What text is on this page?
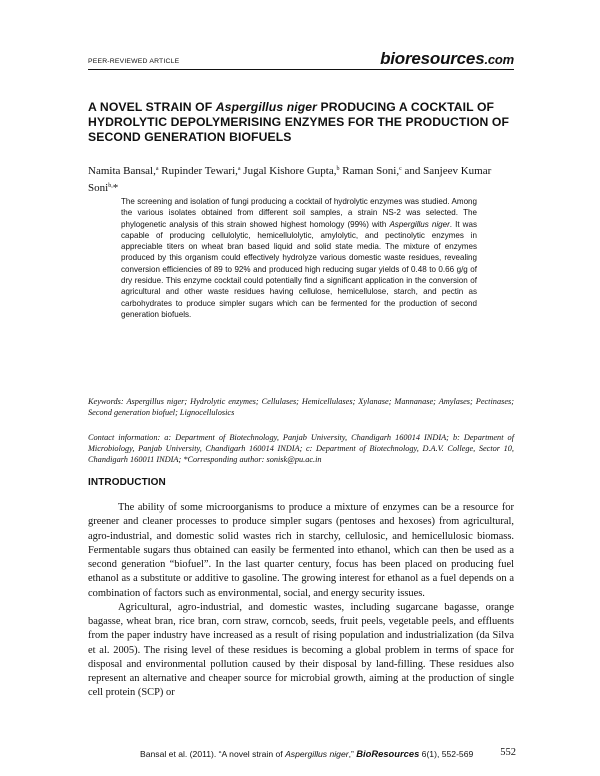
PEER-REVIEWED ARTICLE	bioresources.com
A NOVEL STRAIN OF Aspergillus niger PRODUCING A COCKTAIL OF HYDROLYTIC DEPOLYMERISING ENZYMES FOR THE PRODUCTION OF SECOND GENERATION BIOFUELS
Namita Bansal,$^a$ Rupinder Tewari,$^a$ Jugal Kishore Gupta,$^b$ Raman Soni,$^c$ and Sanjeev Kumar Soni$^{b,}$*
The screening and isolation of fungi producing a cocktail of hydrolytic enzymes was studied. Among the various isolates obtained from different soil samples, a strain NS-2 was selected. The phylogenetic analysis of this strain showed highest homology (99%) with Aspergillus niger. It was capable of producing cellulolytic, hemicellulolytic, amylolytic, and pectinolytic enzymes in appreciable titers on wheat bran based liquid and solid state media. The mixture of enzymes produced by this organism could effectively hydrolyze various domestic waste residues, revealing conversion efficiencies of 89 to 92% and produced high reducing sugar yields of 0.48 to 0.66 g/g of dry residue. This enzyme cocktail could potentially find a significant application in the conversion of agricultural and other waste residues having cellulose, hemicellulose, starch, and pectin as carbohydrates to produce simpler sugars which can be fermented for the production of second generation biofuels.
Keywords: Aspergillus niger; Hydrolytic enzymes; Cellulases; Hemicellulases; Xylanase; Mannanase; Amylases; Pectinases; Second generation biofuel; Lignocellulosics
Contact information: a: Department of Biotechnology, Panjab University, Chandigarh 160014 INDIA; b: Department of Microbiology, Panjab University, Chandigarh 160014 INDIA; c: Department of Biotechnology, D.A.V. College, Sector 10, Chandigarh 160011 INDIA; *Corresponding author: sonisk@pu.ac.in
INTRODUCTION

The ability of some microorganisms to produce a mixture of enzymes can be a resource for greener and cleaner processes to produce simpler sugars (pentoses and hexoses) from agricultural, agro-industrial, and domestic solid wastes rich in starchy, cellulosic, and hemicellulosic biomass. Fermentable sugars thus obtained can easily be fermented into ethanol, which can then be used as a second generation “biofuel”. In the last quarter century, focus has been placed on producing fuel ethanol as a substitute or additive to gasoline. The growing interest for ethanol as a fuel depends on a combination of factors such as environmental, social, and energy security issues.

Agricultural, agro-industrial, and domestic wastes, including sugarcane bagasse, orange bagasse, wheat bran, rice bran, corn straw, corncob, seeds, fruit peels, vegetable peels, and effluents from the paper industry have increased as a result of rising population and industrialization (da Silva et al. 2005). The rising level of these residues is becoming a global problem in terms of space for disposal and environmental pollution caused by their disposal by land-filling. These residues also represent an alternative and cheaper source for microbial growth, aiming at the production of single cell protein (SCP) or

Bansal et al. (2011). “A novel strain of Aspergillus niger,” BioResources 6(1), 552-569	552
